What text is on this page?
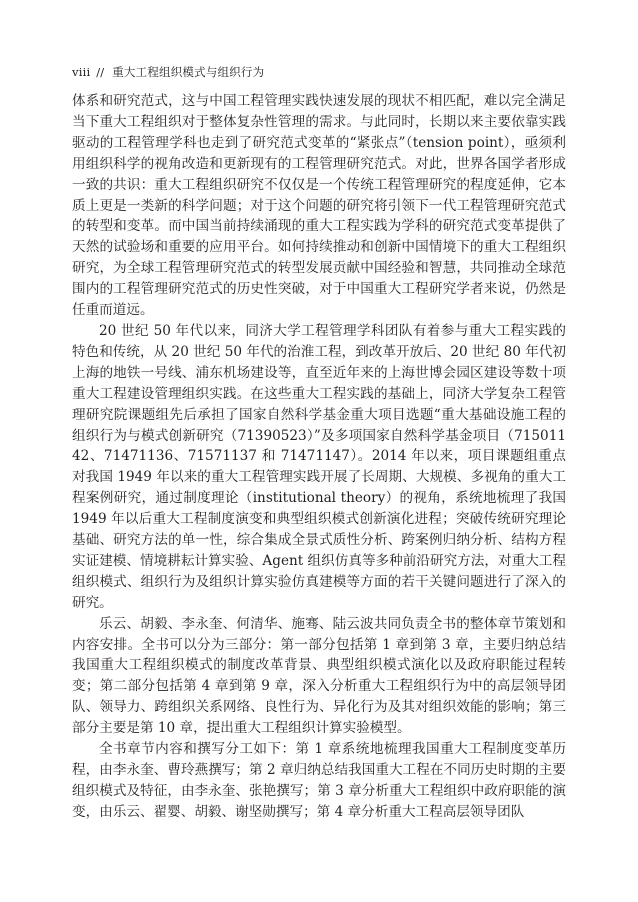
viii // 重大工程组织模式与组织行为

体系和研究范式，这与中国工程管理实践快速发展的现状不相匹配，难以完全满足当下重大工程组织对于整体复杂性管理的需求。与此同时，长期以来主要依靠实践驱动的工程管理学科也走到了研究范式变革的“紧张点”（tension point），亟须利用组织科学的视角改造和更新现有的工程管理研究范式。对此，世界各国学者形成一致的共识：重大工程组织研究不仅仅是一个传统工程管理研究的程度延伸，它本质上更是一类新的科学问题；对于这个问题的研究将引领下一代工程管理研究范式的转型和变革。而中国当前持续涌现的重大工程实践为学科的研究范式变革提供了天然的试验场和重要的应用平台。如何持续推动和创新中国情境下的重大工程组织研究，为全球工程管理研究范式的转型发展贡献中国经验和智慧，共同推动全球范围内的工程管理研究范式的历史性突破，对于中国重大工程研究学者来说，仍然是任重而道远。

20 世纪 50 年代以来，同济大学工程管理学科团队有着参与重大工程实践的特色和传统，从 20 世纪 50 年代的治淮工程，到改革开放后、20 世纪 80 年代初上海的地铁一号线、浦东机场建设等，直至近年来的上海世博会园区建设等数十项重大工程建设管理组织实践。在这些重大工程实践的基础上，同济大学复杂工程管理研究院课题组先后承担了国家自然科学基金重大项目选题“重大基础设施工程的组织行为与模式创新研究（71390523）”及多项国家自然科学基金项目（71501142、71471136、71571137 和 71471147）。2014 年以来，项目课题组重点对我国 1949 年以来的重大工程管理实践开展了长周期、大规模、多视角的重大工程案例研究，通过制度理论（institutional theory）的视角，系统地梳理了我国 1949 年以后重大工程制度演变和典型组织模式创新演化进程；突破传统研究理论基础、研究方法的单一性，综合集成全景式质性分析、跨案例归纳分析、结构方程实证建模、情境耕耘计算实验、Agent 组织仿真等多种前沿研究方法，对重大工程组织模式、组织行为及组织计算实验仿真建模等方面的若干关键问题进行了深入的研究。

乐云、胡毅、李永奎、何清华、施骞、陆云波共同负责全书的整体章节策划和内容安排。全书可以分为三部分：第一部分包括第 1 章到第 3 章，主要归纳总结我国重大工程组织模式的制度改革背景、典型组织模式演化以及政府职能过程转变；第二部分包括第 4 章到第 9 章，深入分析重大工程组织行为中的高层领导团队、领导力、跨组织关系网络、良性行为、异化行为及其对组织效能的影响；第三部分主要是第 10 章，提出重大工程组织计算实验模型。

全书章节内容和撰写分工如下：第 1 章系统地梳理我国重大工程制度变革历程，由李永奎、曹玲燕撰写；第 2 章归纳总结我国重大工程在不同历史时期的主要组织模式及特征，由李永奎、张艳撰写；第 3 章分析重大工程组织中政府职能的演变，由乐云、翟婴、胡毅、谢坚勋撰写；第 4 章分析重大工程高层领导团队
